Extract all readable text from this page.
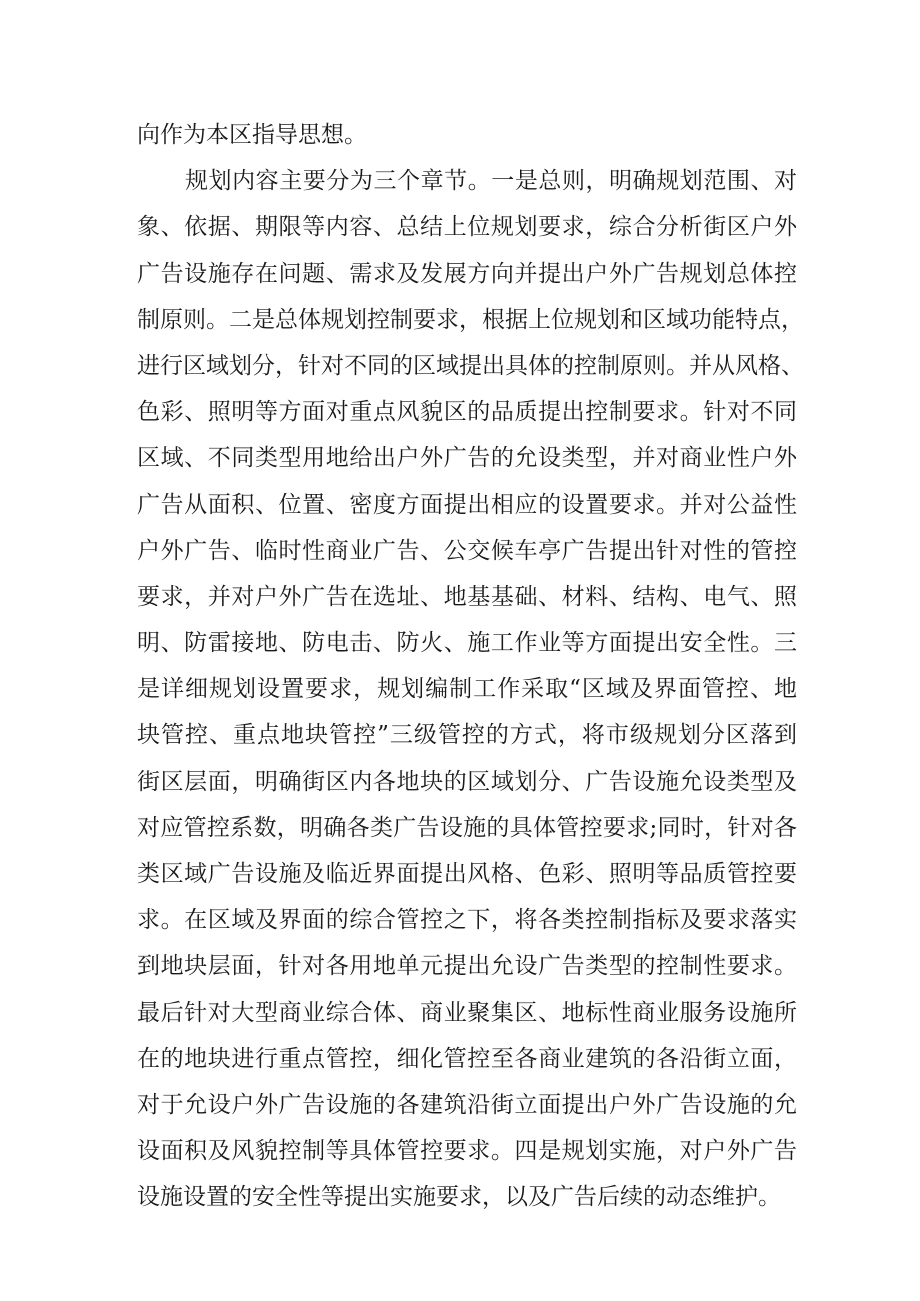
向作为本区指导思想。
规划内容主要分为三个章节。一是总则，明确规划范围、对
象、依据、期限等内容、总结上位规划要求，综合分析街区户外
广告设施存在问题、需求及发展方向并提出户外广告规划总体控
制原则。二是总体规划控制要求，根据上位规划和区域功能特点，
进行区域划分，针对不同的区域提出具体的控制原则。并从风格、
色彩、照明等方面对重点风貌区的品质提出控制要求。针对不同
区域、不同类型用地给出户外广告的允设类型，并对商业性户外
广告从面积、位置、密度方面提出相应的设置要求。并对公益性
户外广告、临时性商业广告、公交候车亭广告提出针对性的管控
要求，并对户外广告在选址、地基基础、材料、结构、电气、照
明、防雷接地、防电击、防火、施工作业等方面提出安全性。三
是详细规划设置要求，规划编制工作采取“区域及界面管控、地
块管控、重点地块管控”三级管控的方式，将市级规划分区落到
街区层面，明确街区内各地块的区域划分、广告设施允设类型及
对应管控系数，明确各类广告设施的具体管控要求;同时，针对各
类区域广告设施及临近界面提出风格、色彩、照明等品质管控要
求。在区域及界面的综合管控之下，将各类控制指标及要求落实
到地块层面，针对各用地单元提出允设广告类型的控制性要求。
最后针对大型商业综合体、商业聚集区、地标性商业服务设施所
在的地块进行重点管控，细化管控至各商业建筑的各沿街立面，
对于允设户外广告设施的各建筑沿街立面提出户外广告设施的允
设面积及风貌控制等具体管控要求。四是规划实施，对户外广告
设施设置的安全性等提出实施要求，以及广告后续的动态维护。
